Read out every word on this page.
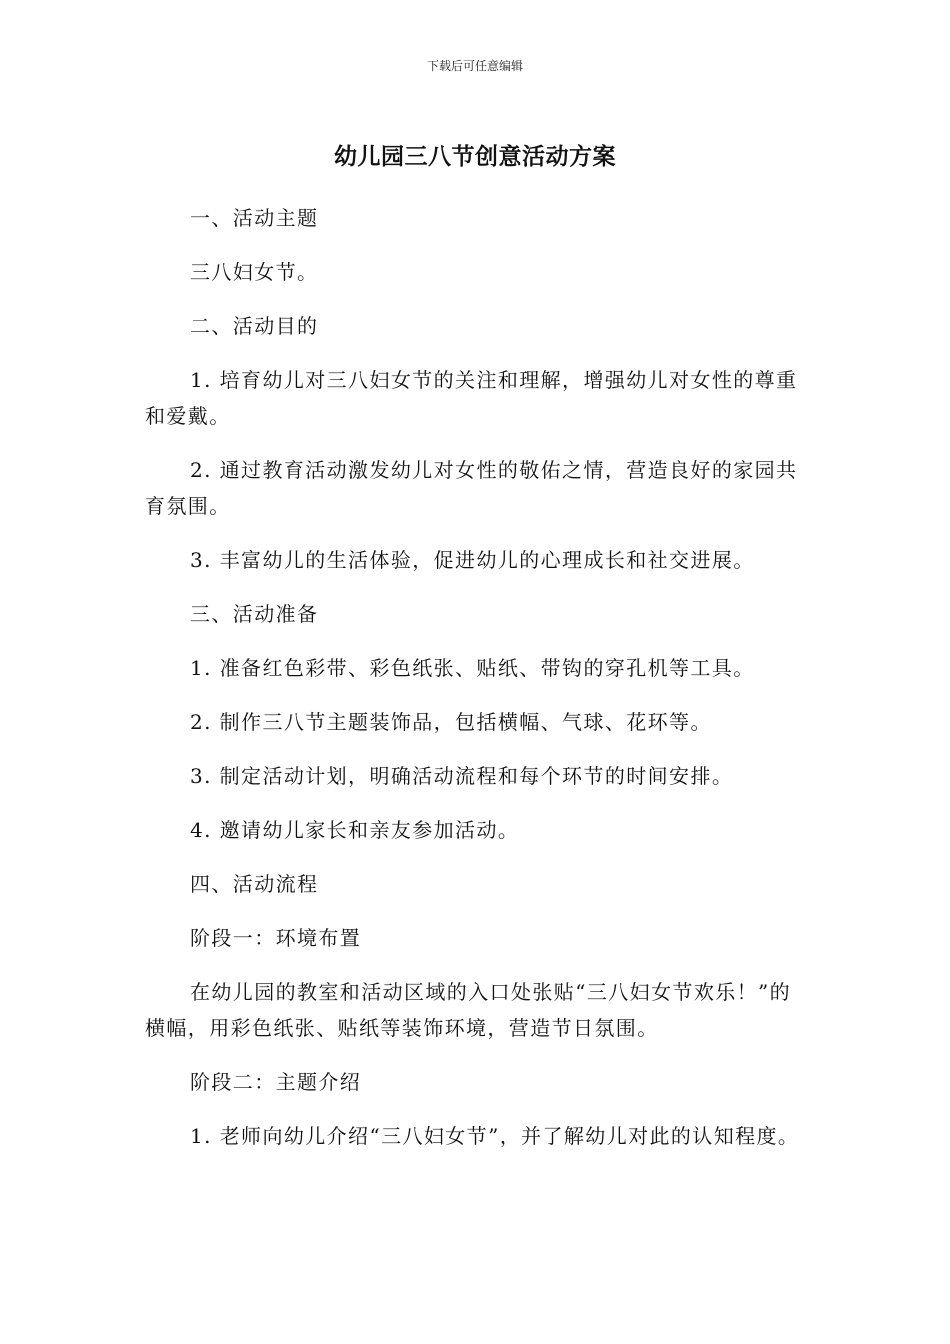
下载后可任意编辑
幼儿园三八节创意活动方案

一、活动主题

三八妇女节。

二、活动目的

1. 培育幼儿对三八妇女节的关注和理解，增强幼儿对女性的尊重和爱戴。

2. 通过教育活动激发幼儿对女性的敬佑之情，营造良好的家园共育氛围。

3. 丰富幼儿的生活体验，促进幼儿的心理成长和社交进展。

三、活动准备

1. 准备红色彩带、彩色纸张、贴纸、带钩的穿孔机等工具。

2. 制作三八节主题装饰品，包括横幅、气球、花环等。

3. 制定活动计划，明确活动流程和每个环节的时间安排。

4. 邀请幼儿家长和亲友参加活动。

四、活动流程

阶段一：环境布置

在幼儿园的教室和活动区域的入口处张贴“三八妇女节欢乐！”的横幅，用彩色纸张、贴纸等装饰环境，营造节日氛围。

阶段二：主题介绍

1. 老师向幼儿介绍“三八妇女节”，并了解幼儿对此的认知程度。
